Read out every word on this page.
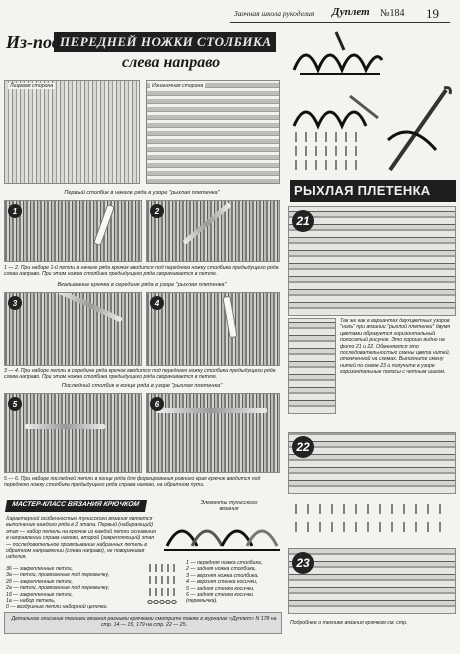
Заочная школа рукоделия Дуплет №184 19
Из-под ПЕРЕДНЕЙ НОЖКИ СТОЛБИКА
слева направо
Лицевая сторона	Изнаночная сторона
Первый столбик в начале ряда в узоре "рыхлая плетенка"
1	2
1 — 2. При наборе 1-й петли в начале ряда крючок вводится под переднюю ножку столбика предыдущего ряда слева направо. При этом ножка столбика предыдущего ряда сворачивается в петлю.
Вкалывание крючка в середине ряда в узоре "рыхлая плетенка"
3	4
3 — 4. При наборе петли в середине ряда крючок вводится под переднюю ножку столбика предыдущего ряда слева направо. При этом ножка столбика предыдущего ряда сворачивается в петлю.
Последний столбик в конце ряда в узоре "рыхлая плетенка"
5	6
5 — 6. При наборе последней петли в конце ряда для формирования ровного края крючок вводится под переднюю ножку столбика предыдущего ряда справа налево, на обратном пути.
МАСТЕР-КЛАСС ВЯЗАНИЯ КРЮЧКОМ
Характерной особенностью тунисского вязания является выполнение каждого ряда в 2 этапа. Первый (набирающий) этап — набор петель на крючок из каждой петли основания в направлении справа налево, второй (закрепляющий) этап — последовательное провязывание набранных петель в обратном направлении (слева направо), не поворачивая изделия.
Элементы тунисского вязания
36 — закрепленные петли,
3а — петли, провязанные под перемычку,
2б — закрепленные петли,
2а — петли, провязанные под перемычку,
1б — закрепленные петли,
1а — набор петель,
0 — воздушные петли наборной цепочки.
1 — передняя ножка столбика,
2 — задняя ножка столбика,
3 — верхняя ножка столбика,
4 — верхняя стенка косички,
5 — задняя стенка косички,
6 — задняя стенка косички (перемычка).
Детальное описание техники вязания разными крючками смотрите также в журналах «Дуплет» N 178 на стр. 14 — 15, 179 на стр. 22 — 25.
РЫХЛАЯ ПЛЕТЕНКА
21
Так же как в вариантах двухцветных узоров "ноль" при вязании "рыхлой плетенки" двумя цветами образуется горизонтальный полосатый рисунок. Это хорошо видно на фото 21 и 22. Обменяется это последовательностью смены цвета нитей, отмеченной на схемах. Выполните смену нитей по схеме 23 и получите в узоре горизонтальные полосы с четным шагом.
22
23
Подробнее о технике вязания крючком см. стр.
